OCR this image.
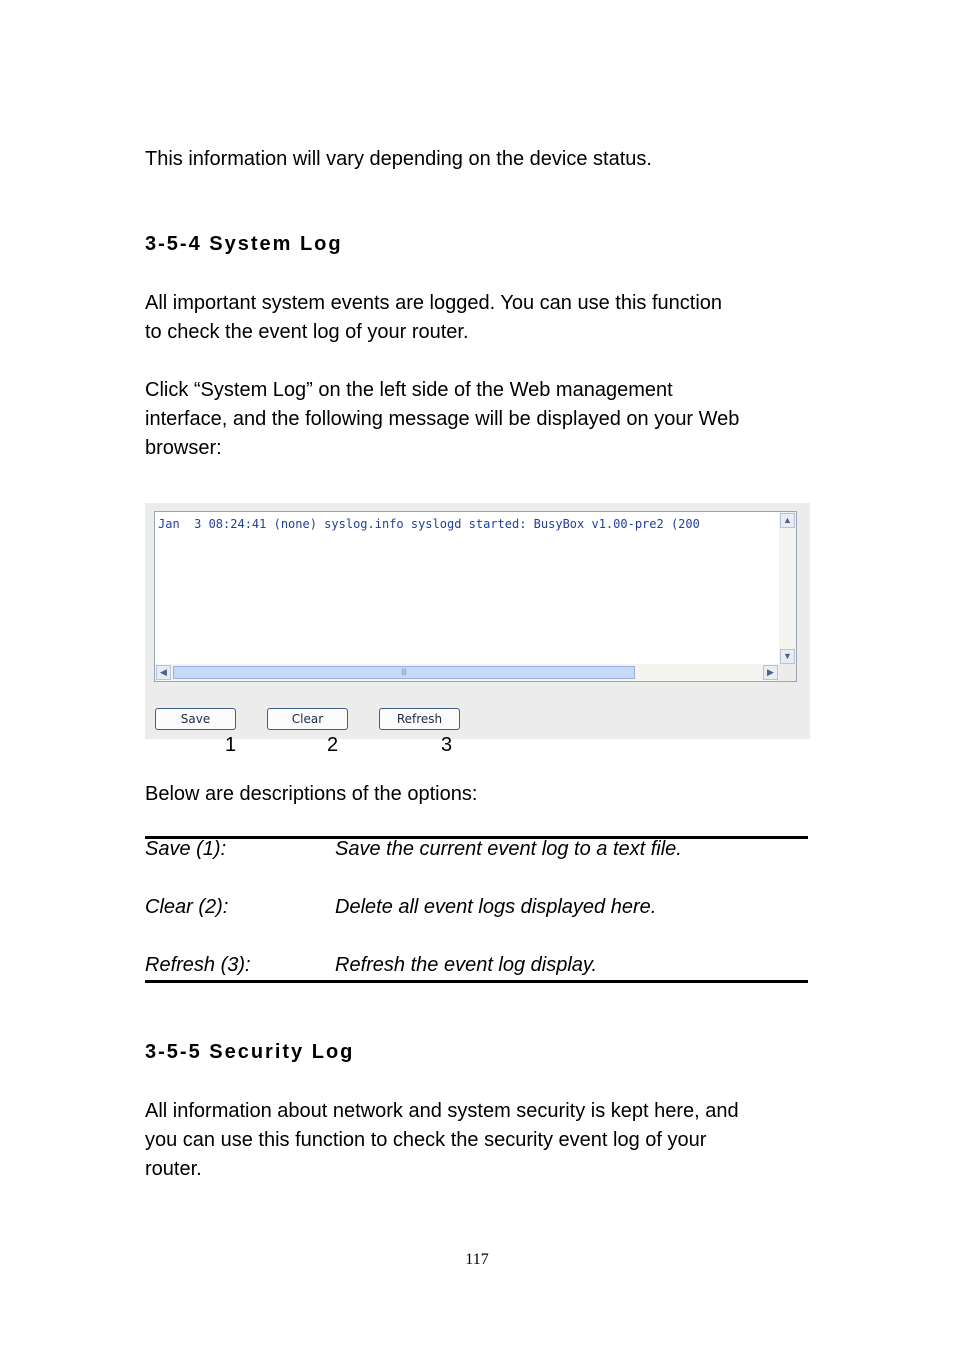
This information will vary depending on the device status.

3-5-4 System Log

All important system events are logged. You can use this function
to check the event log of your router.

Click “System Log” on the left side of the Web management
interface, and the following message will be displayed on your Web
browser:

Jan  3 08:24:41 (none) syslog.info syslogd started: BusyBox v1.00-pre2 (200	▲
▼
◀	|||	▶
Save	Clear	Refresh
1	2	3

Below are descriptions of the options:

Save (1):	Save the current event log to a text file.
Clear (2):	Delete all event logs displayed here.
Refresh (3):	Refresh the event log display.
3-5-5 Security Log

All information about network and system security is kept here, and
you can use this function to check the security event log of your
router.

117
